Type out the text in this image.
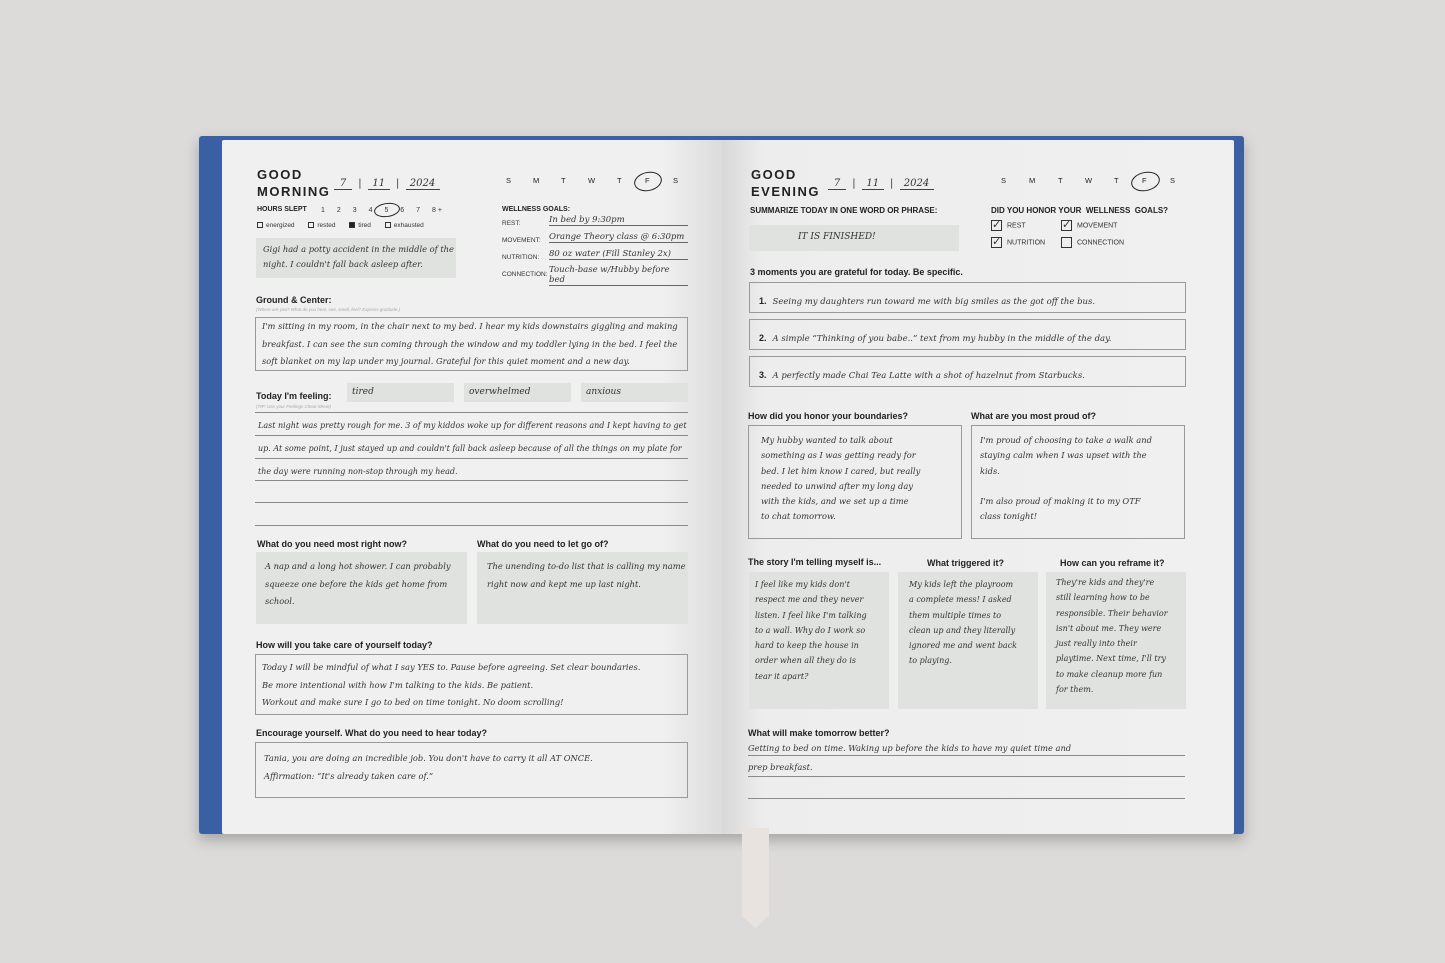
GOOD
MORNING
7 | 11 | 2024	S	M	T	W	T	F	S
HOURS SLEPT 1 2 3 4 5 6 7 8 +
energized	rested	tired	exhausted
Gigi had a potty accident in the middle of the
night. I couldn't fall back asleep after.
WELLNESS GOALS:
REST:	In bed by 9:30pm
MOVEMENT: Orange Theory class @ 6:30pm
NUTRITION: 80 oz water (Fill Stanley 2x)
CONNECTION: Touch-base w/Hubby before bed
Ground & Center:
(Where are you? What do you hear, see, smell, feel? Express gratitude.)
I'm sitting in my room, in the chair next to my bed. I hear my kids downstairs giggling and making
breakfast. I can see the sun coming through the window and my toddler lying in the bed. I feel the
soft blanket on my lap under my journal. Grateful for this quiet moment and a new day.
Today I'm feeling:
(TIP: Use your Feelings Cheat Sheet)
tired	overwhelmed	anxious
Last night was pretty rough for me. 3 of my kiddos woke up for different reasons and I kept having to get
up. At some point, I just stayed up and couldn't fall back asleep because of all the things on my plate for
the day were running non-stop through my head.
What do you need most right now?
A nap and a long hot shower. I can probably
squeeze one before the kids get home from
school.
What do you need to let go of?
The unending to-do list that is calling my name
right now and kept me up last night.
How will you take care of yourself today?
Today I will be mindful of what I say YES to. Pause before agreeing. Set clear boundaries.
Be more intentional with how I'm talking to the kids. Be patient.
Workout and make sure I go to bed on time tonight. No doom scrolling!
Encourage yourself. What do you need to hear today?
Tania, you are doing an incredible job. You don't have to carry it all AT ONCE.
Affirmation: “It's already taken care of.”
GOOD
EVENING
7 | 11 | 2024	S	M	T	W	T	F	S
SUMMARIZE TODAY IN ONE WORD OR PHRASE:
IT IS FINISHED!
DID YOU HONOR YOUR  WELLNESS  GOALS?
✓ REST	✓ MOVEMENT
✓ NUTRITION	CONNECTION
3 moments you are grateful for today. Be specific.
1. Seeing my daughters run toward me with big smiles as the got off the bus.
2. A simple “Thinking of you babe..” text from my hubby in the middle of the day.
3. A perfectly made Chai Tea Latte with a shot of hazelnut from Starbucks.
How did you honor your boundaries?
My hubby wanted to talk about
something as I was getting ready for
bed. I let him know I cared, but really
needed to unwind after my long day
with the kids, and we set up a time
to chat tomorrow.
What are you most proud of?
I'm proud of choosing to take a walk and
staying calm when I was upset with the
kids.
I'm also proud of making it to my OTF
class tonight!
The story I'm telling myself is...
I feel like my kids don't
respect me and they never
listen. I feel like I'm talking
to a wall. Why do I work so
hard to keep the house in
order when all they do is
tear it apart?
What triggered it?
My kids left the playroom
a complete mess! I asked
them multiple times to
clean up and they literally
ignored me and went back
to playing.
How can you reframe it?
They're kids and they're
still learning how to be
responsible. Their behavior
isn't about me. They were
just really into their
playtime. Next time, I'll try
to make cleanup more fun
for them.
What will make tomorrow better?
Getting to bed on time. Waking up before the kids to have my quiet time and
prep breakfast.
